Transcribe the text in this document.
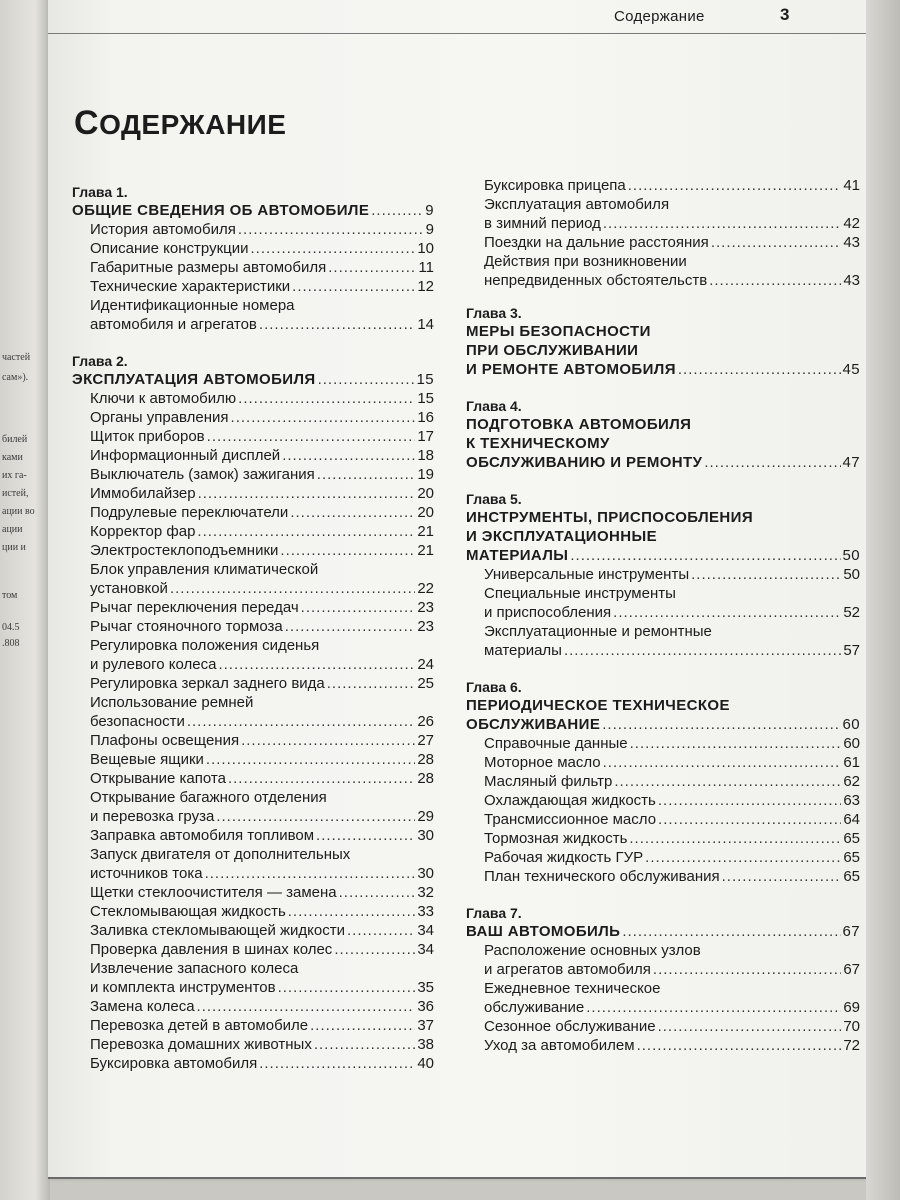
частей
сам»).
билей
ками
их га-
истей,
ации во
ации
ции и
том
04.5
.808
Содержание	3
СОДЕРЖАНИЕ
Глава 1.
ОБЩИЕ СВЕДЕНИЯ ОБ АВТОМОБИЛЕ .....	9
История автомобиля .....	9
Описание конструкции .....	10
Габаритные размеры автомобиля .....	11
Технические характеристики .....	12
Идентификационные номера
автомобиля и агрегатов .....	14
Глава 2.
ЭКСПЛУАТАЦИЯ АВТОМОБИЛЯ .....	15
Ключи к автомобилю .....	15
Органы управления .....	16
Щиток приборов .....	17
Информационный дисплей .....	18
Выключатель (замок) зажигания .....	19
Иммобилайзер .....	20
Подрулевые переключатели .....	20
Корректор фар .....	21
Электростеклоподъемники .....	21
Блок управления климатической
установкой .....	22
Рычаг переключения передач .....	23
Рычаг стояночного тормоза .....	23
Регулировка положения сиденья
и рулевого колеса .....	24
Регулировка зеркал заднего вида .....	25
Использование ремней
безопасности .....	26
Плафоны освещения .....	27
Вещевые ящики .....	28
Открывание капота .....	28
Открывание багажного отделения
и перевозка груза .....	29
Заправка автомобиля топливом .....	30
Запуск двигателя от дополнительных
источников тока .....	30
Щетки стеклоочистителя — замена .....	32
Стекломывающая жидкость .....	33
Заливка стекломывающей жидкости .....	34
Проверка давления в шинах колес .....	34
Извлечение запасного колеса
и комплекта инструментов .....	35
Замена колеса .....	36
Перевозка детей в автомобиле .....	37
Перевозка домашних животных .....	38
Буксировка автомобиля .....	40
Буксировка прицепа .....	41
Эксплуатация автомобиля
в зимний период .....	42
Поездки на дальние расстояния .....	43
Действия при возникновении
непредвиденных обстоятельств .....	43
Глава 3.
МЕРЫ БЕЗОПАСНОСТИ
ПРИ ОБСЛУЖИВАНИИ
И РЕМОНТЕ АВТОМОБИЛЯ .....	45
Глава 4.
ПОДГОТОВКА АВТОМОБИЛЯ
К ТЕХНИЧЕСКОМУ
ОБСЛУЖИВАНИЮ И РЕМОНТУ .....	47
Глава 5.
ИНСТРУМЕНТЫ, ПРИСПОСОБЛЕНИЯ
И ЭКСПЛУАТАЦИОННЫЕ
МАТЕРИАЛЫ .....	50
Универсальные инструменты .....	50
Специальные инструменты
и приспособления .....	52
Эксплуатационные и ремонтные
материалы .....	57
Глава 6.
ПЕРИОДИЧЕСКОЕ ТЕХНИЧЕСКОЕ
ОБСЛУЖИВАНИЕ .....	60
Справочные данные .....	60
Моторное масло .....	61
Масляный фильтр .....	62
Охлаждающая жидкость .....	63
Трансмиссионное масло .....	64
Тормозная жидкость .....	65
Рабочая жидкость ГУР .....	65
План технического обслуживания .....	65
Глава 7.
ВАШ АВТОМОБИЛЬ .....	67
Расположение основных узлов
и агрегатов автомобиля .....	67
Ежедневное техническое
обслуживание .....	69
Сезонное обслуживание .....	70
Уход за автомобилем .....	72
